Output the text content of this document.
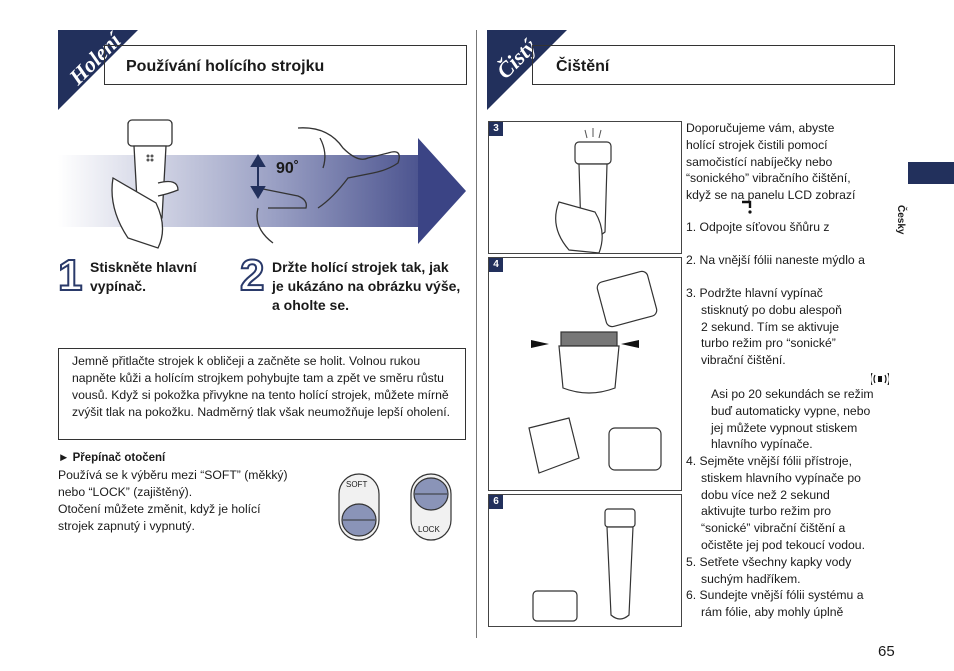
Holení Používání holícího strojku
90˚
1 Stiskněte hlavní vypínač.	2 Držte holící strojek tak, jak je ukázáno na obrázku výše, a oholte se.
Jemně přitlačte strojek k obličeji a začněte se holit. Volnou rukou napněte kůži a holícím strojkem pohybujte tam a zpět ve směru růstu vousů. Když si pokožka přivykne na tento holící strojek, můžete mírně zvýšit tlak na pokožku. Nadměrný tlak však neumožňuje lepší oholení.
► Přepínač otočení
Používá se k výběru mezi “SOFT” (měkký)
nebo “LOCK” (zajištěný).
Otočení můžete změnit, když je holící
strojek zapnutý i vypnutý.
SOFT
LOCK
Čistý Čištění
3
4
6

Doporučujeme vám, abyste

holící strojek čistili pomocí

samočistící nabíječky nebo

“sonického” vibračního čištění,

když se na panelu LCD zobrazí

1. Odpojte síťovou šňůru z

2. Na vnější fólii naneste mýdlo a

3. Podržte hlavní vypínač

stisknutý po dobu alespoň

2 sekund. Tím se aktivuje

turbo režim pro “sonické”

vibrační čištění.

Asi po 20 sekundách se režim

buď automaticky vypne, nebo

jej můžete vypnout stiskem

hlavního vypínače.

4. Sejměte vnější fólii přístroje,

stiskem hlavního vypínače po

dobu více než 2 sekund

aktivujte turbo režim pro

“sonické” vibrační čištění a

očistěte jej pod tekoucí vodou.

5. Setřete všechny kapky vody

suchým hadříkem.

6. Sundejte vnější fólii systému a

rám fólie, aby mohly úplně

Česky
65
